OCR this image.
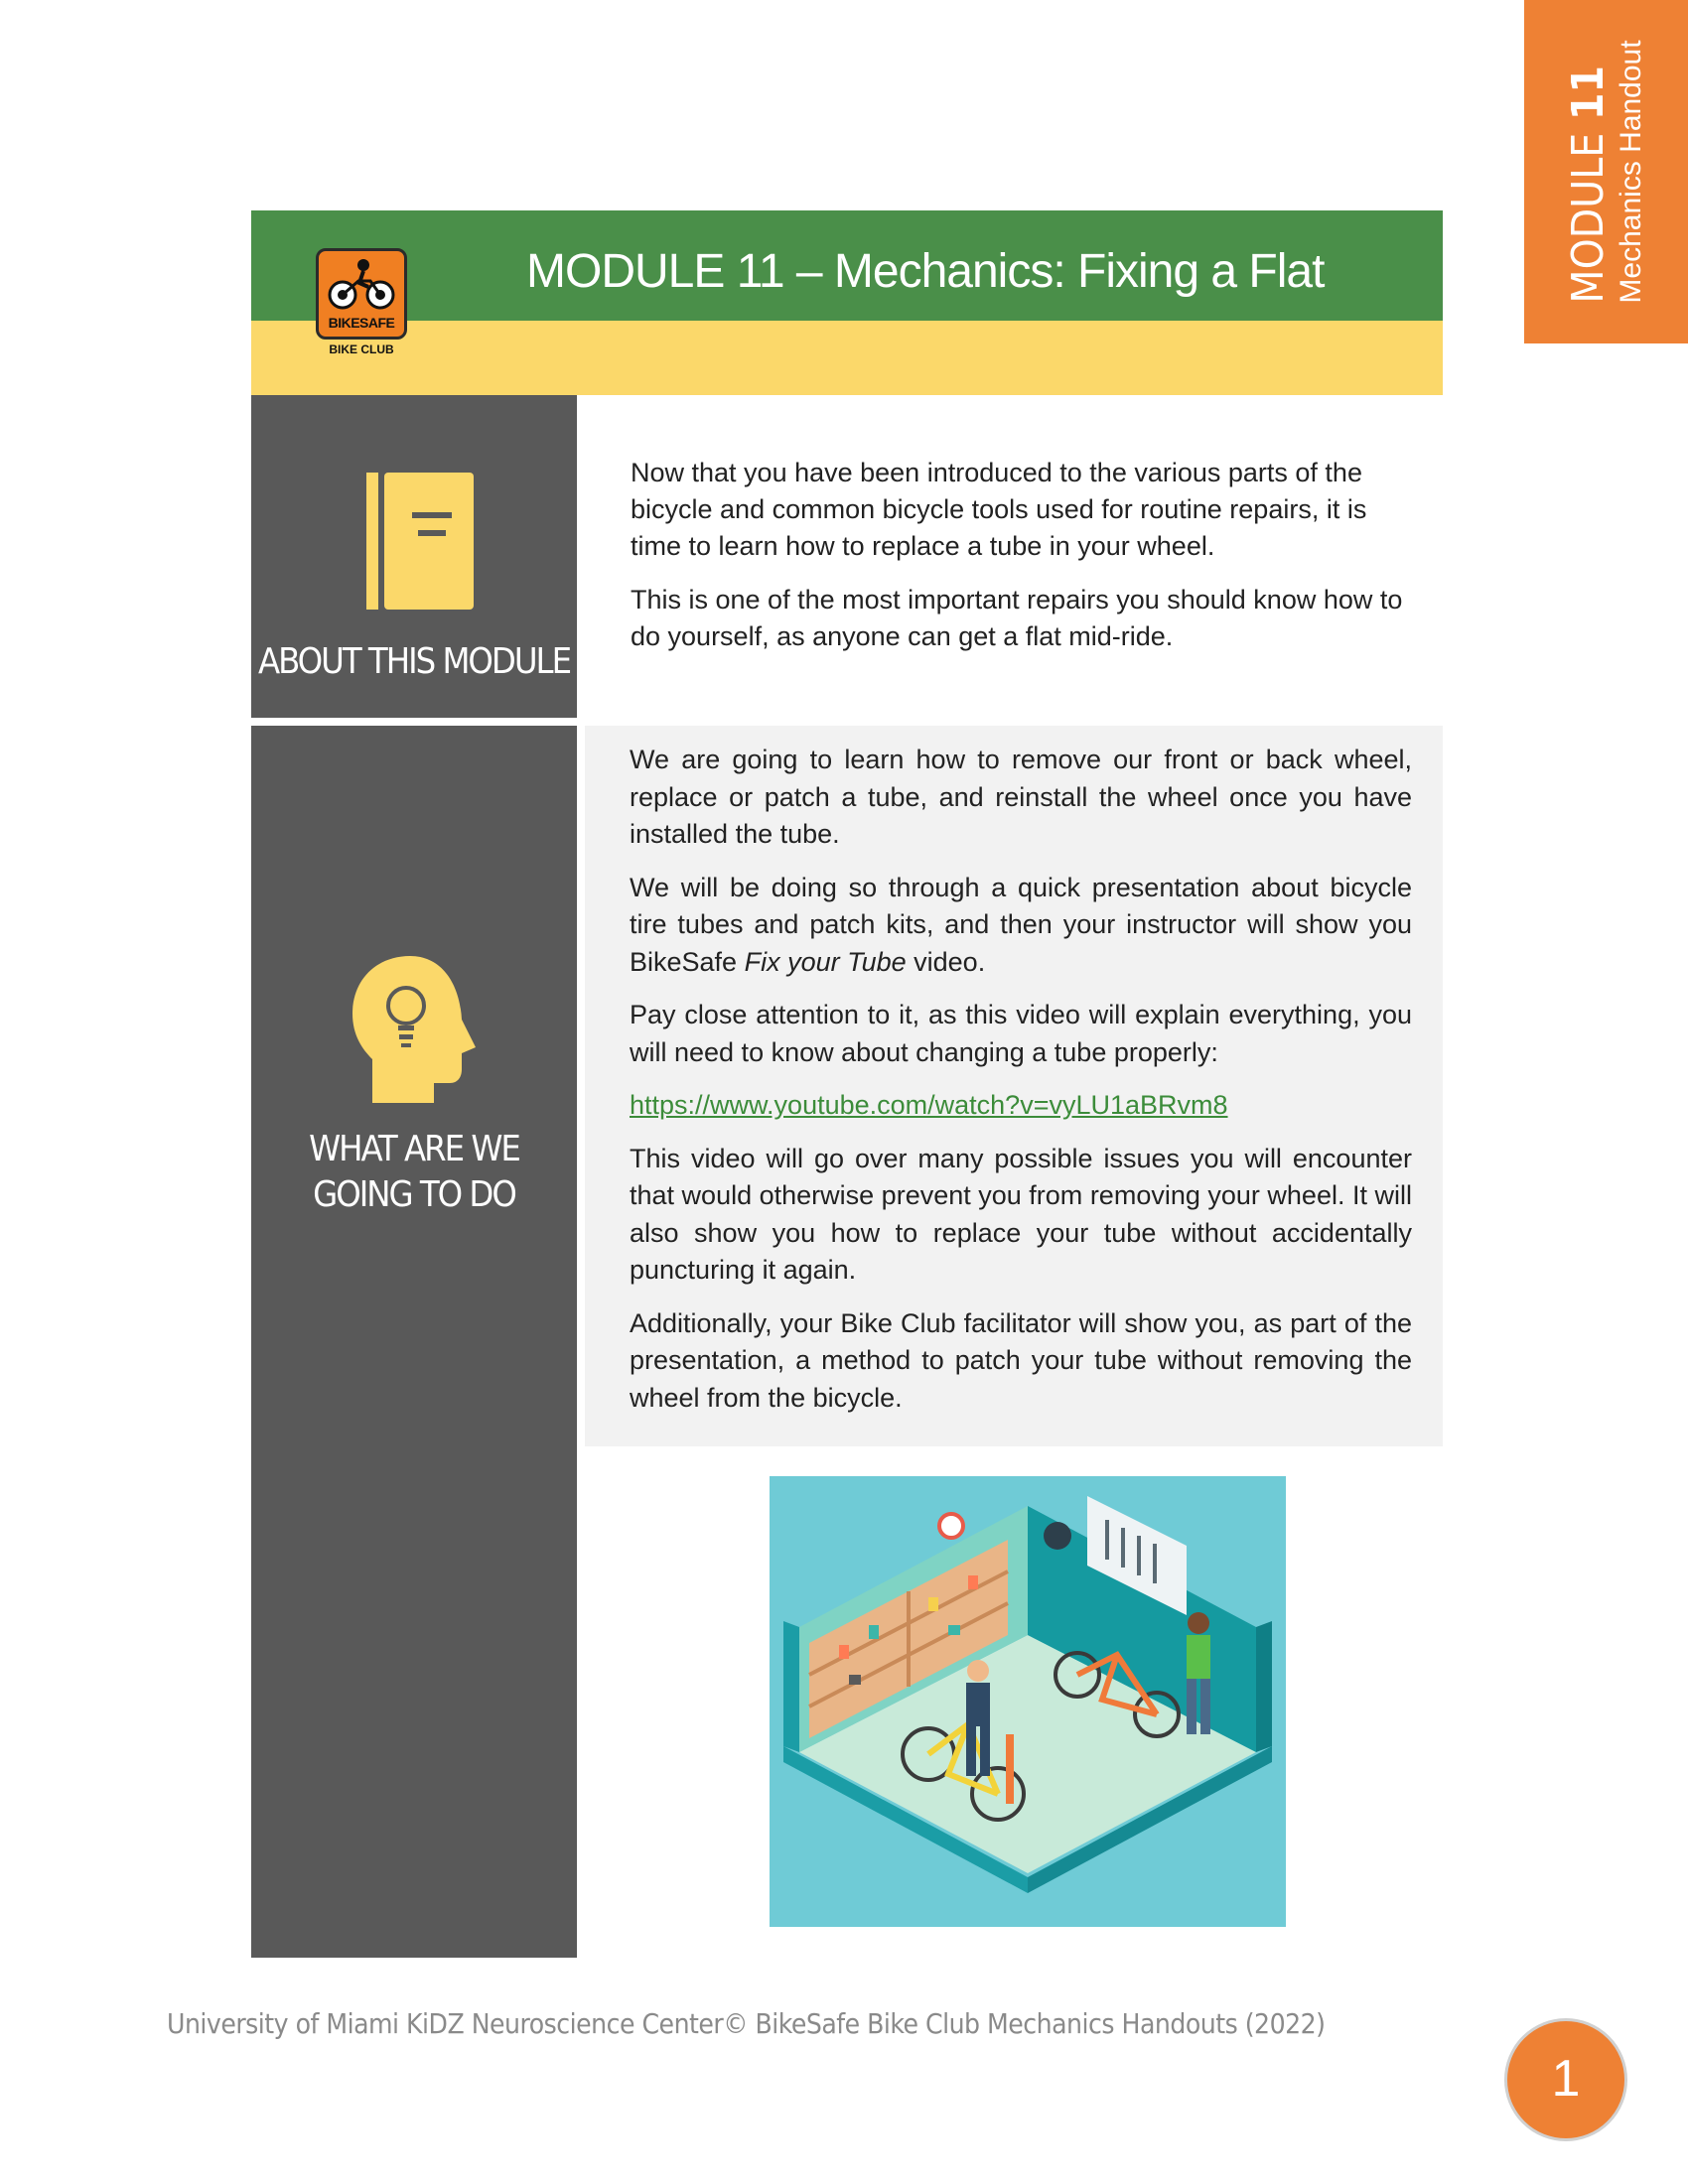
MODULE 11 Mechanics Handout
MODULE 11 – Mechanics: Fixing a Flat
BIKESAFE
BIKE CLUB
ABOUT THIS MODULE

Now that you have been introduced to the various parts of the bicycle and common bicycle tools used for routine repairs, it is time to learn how to replace a tube in your wheel.

This is one of the most important repairs you should know how to do yourself, as anyone can get a flat mid-ride.

WHAT ARE WE
GOING TO DO

We are going to learn how to remove our front or back wheel, replace or patch a tube, and reinstall the wheel once you have installed the tube.

We will be doing so through a quick presentation about bicycle tire tubes and patch kits, and then your instructor will show you BikeSafe Fix your Tube video.

Pay close attention to it, as this video will explain everything, you will need to know about changing a tube properly:

https://www.youtube.com/watch?v=vyLU1aBRvm8

This video will go over many possible issues you will encounter that would otherwise prevent you from removing your wheel. It will also show you how to replace your tube without accidentally puncturing it again.

Additionally, your Bike Club facilitator will show you, as part of the presentation, a method to patch your tube without removing the wheel from the bicycle.

University of Miami KiDZ Neuroscience Center© BikeSafe Bike Club Mechanics Handouts (2022)
1
